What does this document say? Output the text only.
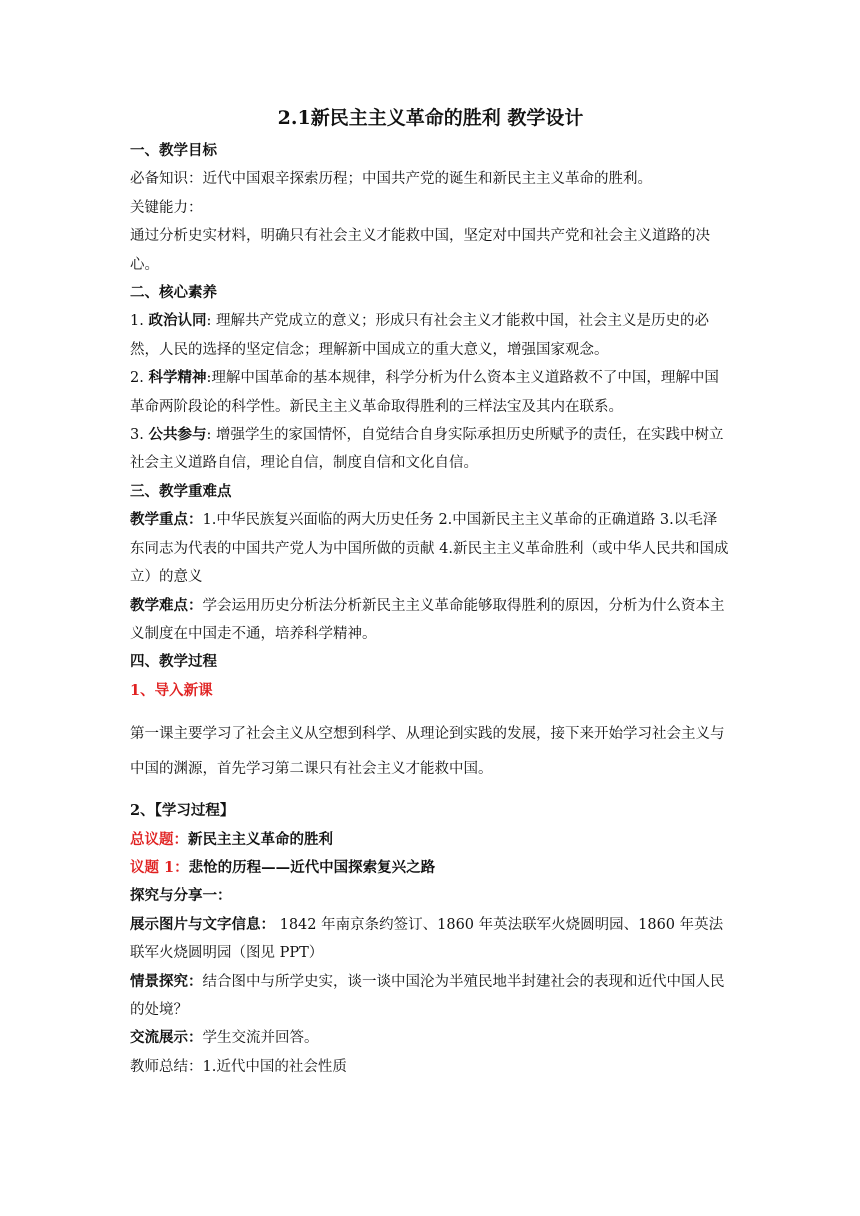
2.1新民主主义革命的胜利 教学设计

一、教学目标

必备知识：近代中国艰辛探索历程；中国共产党的诞生和新民主主义革命的胜利。

关键能力：

通过分析史实材料，明确只有社会主义才能救中国，坚定对中国共产党和社会主义道路的决心。

二、核心素养

1. 政治认同: 理解共产党成立的意义；形成只有社会主义才能救中国，社会主义是历史的必然，人民的选择的坚定信念；理解新中国成立的重大意义，增强国家观念。

2. 科学精神:理解中国革命的基本规律，科学分析为什么资本主义道路救不了中国，理解中国革命两阶段论的科学性。新民主主义革命取得胜利的三样法宝及其内在联系。

3. 公共参与: 增强学生的家国情怀，自觉结合自身实际承担历史所赋予的责任，在实践中树立社会主义道路自信，理论自信，制度自信和文化自信。

三、教学重难点

教学重点：1.中华民族复兴面临的两大历史任务 2.中国新民主主义革命的正确道路 3.以毛泽东同志为代表的中国共产党人为中国所做的贡献 4.新民主主义革命胜利（或中华人民共和国成立）的意义

教学难点：学会运用历史分析法分析新民主主义革命能够取得胜利的原因，分析为什么资本主义制度在中国走不通，培养科学精神。

四、教学过程

1、导入新课

第一课主要学习了社会主义从空想到科学、从理论到实践的发展，接下来开始学习社会主义与中国的渊源，首先学习第二课只有社会主义才能救中国。

2、【学习过程】

总议题：新民主主义革命的胜利

议题 1：悲怆的历程——近代中国探索复兴之路

探究与分享一：

展示图片与文字信息： 1842 年南京条约签订、1860 年英法联军火烧圆明园、1860 年英法联军火烧圆明园（图见 PPT）

情景探究：结合图中与所学史实，谈一谈中国沦为半殖民地半封建社会的表现和近代中国人民的处境？

交流展示：学生交流并回答。

教师总结：1.近代中国的社会性质
